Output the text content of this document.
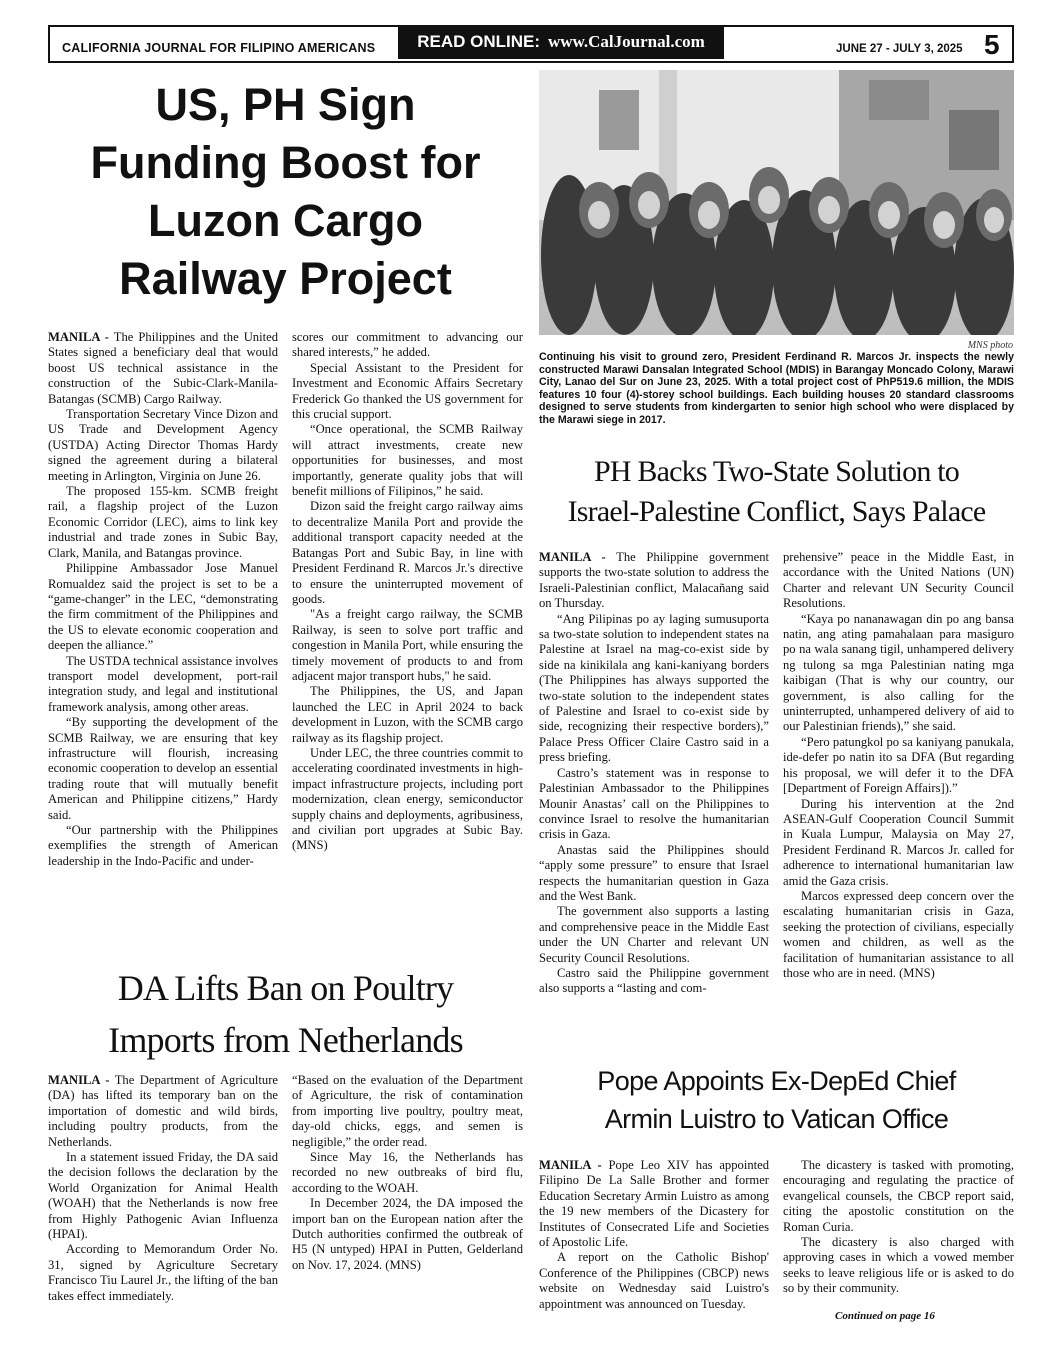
CALIFORNIA JOURNAL FOR FILIPINO AMERICANS READ ONLINE: www.CalJournal.com	JUNE 27 - JULY 3, 2025 5
US, PH Sign
Funding Boost for
Luzon Cargo
Railway Project

MANILA - The Philippines and the United States signed a beneficiary deal that would boost US technical assistance in the construction of the Subic-Clark-Manila-Batangas (SCMB) Cargo Railway.

Transportation Secretary Vince Dizon and US Trade and Development Agency (USTDA) Acting Director Thomas Hardy signed the agreement during a bilateral meeting in Arlington, Virginia on June 26.

The proposed 155-km. SCMB freight rail, a flagship project of the Luzon Economic Corridor (LEC), aims to link key industrial and trade zones in Subic Bay, Clark, Manila, and Batangas province.

Philippine Ambassador Jose Manuel Romualdez said the project is set to be a “game-changer” in the LEC, “demonstrating the firm commitment of the Philippines and the US to elevate economic cooperation and deepen the alliance.”

The USTDA technical assistance involves transport model development, port-rail integration study, and legal and institutional framework analysis, among other areas.

“By supporting the development of the SCMB Railway, we are ensuring that key infrastructure will flourish, increasing economic cooperation to develop an essential trading route that will mutually benefit American and Philippine citizens,” Hardy said.

“Our partnership with the Philippines exemplifies the strength of American leadership in the Indo-Pacific and under-

scores our commitment to advancing our shared interests,” he added.

Special Assistant to the President for Investment and Economic Affairs Secretary Frederick Go thanked the US government for this crucial support.

“Once operational, the SCMB Railway will attract investments, create new opportunities for businesses, and most importantly, generate quality jobs that will benefit millions of Filipinos,” he said.

Dizon said the freight cargo railway aims to decentralize Manila Port and provide the additional transport capacity needed at the Batangas Port and Subic Bay, in line with President Ferdinand R. Marcos Jr.'s directive to ensure the uninterrupted movement of goods.

"As a freight cargo railway, the SCMB Railway, is seen to solve port traffic and congestion in Manila Port, while ensuring the timely movement of products to and from adjacent major transport hubs," he said.

The Philippines, the US, and Japan launched the LEC in April 2024 to back development in Luzon, with the SCMB cargo railway as its flagship project.

Under LEC, the three countries commit to accelerating coordinated investments in high-impact infrastructure projects, including port modernization, clean energy, semiconductor supply chains and deployments, agribusiness, and civilian port upgrades at Subic Bay. (MNS)

MNS photo
Continuing his visit to ground zero, President Ferdinand R. Marcos Jr. inspects the newly constructed Marawi Dansalan Integrated School (MDIS) in Barangay Moncado Colony, Marawi City, Lanao del Sur on June 23, 2025. With a total project cost of PhP519.6 million, the MDIS features 10 four (4)-storey school buildings. Each building houses 20 standard classrooms designed to serve students from kindergarten to senior high school who were displaced by the Marawi siege in 2017.
PH Backs Two-State Solution to
Israel-Palestine Conflict, Says Palace

MANILA - The Philippine government supports the two-state solution to address the Israeli-Palestinian conflict, Malacañang said on Thursday.

“Ang Pilipinas po ay laging sumusuporta sa two-state solution to independent states na Palestine at Israel na mag-co-exist side by side na kinikilala ang kani-kaniyang borders (The Philippines has always supported the two-state solution to the independent states of Palestine and Israel to co-exist side by side, recognizing their respective borders),” Palace Press Officer Claire Castro said in a press briefing.

Castro’s statement was in response to Palestinian Ambassador to the Philippines Mounir Anastas’ call on the Philippines to convince Israel to resolve the humanitarian crisis in Gaza.

Anastas said the Philippines should “apply some pressure” to ensure that Israel respects the humanitarian question in Gaza and the West Bank.

The government also supports a lasting and comprehensive peace in the Middle East under the UN Charter and relevant UN Security Council Resolutions.

Castro said the Philippine government also supports a “lasting and com-

prehensive” peace in the Middle East, in accordance with the United Nations (UN) Charter and relevant UN Security Council Resolutions.

“Kaya po nananawagan din po ang bansa natin, ang ating pamahalaan para masiguro po na wala sanang tigil, unhampered delivery ng tulong sa mga Palestinian nating mga kaibigan (That is why our country, our government, is also calling for the uninterrupted, unhampered delivery of aid to our Palestinian friends),” she said.

“Pero patungkol po sa kaniyang panukala, ide-defer po natin ito sa DFA (But regarding his proposal, we will defer it to the DFA [Department of Foreign Affairs]).”

During his intervention at the 2nd ASEAN-Gulf Cooperation Council Summit in Kuala Lumpur, Malaysia on May 27, President Ferdinand R. Marcos Jr. called for adherence to international humanitarian law amid the Gaza crisis.

Marcos expressed deep concern over the escalating humanitarian crisis in Gaza, seeking the protection of civilians, especially women and children, as well as the facilitation of humanitarian assistance to all those who are in need. (MNS)

DA Lifts Ban on Poultry
Imports from Netherlands

MANILA - The Department of Agriculture (DA) has lifted its temporary ban on the importation of domestic and wild birds, including poultry products, from the Netherlands.

In a statement issued Friday, the DA said the decision follows the declaration by the World Organization for Animal Health (WOAH) that the Netherlands is now free from Highly Pathogenic Avian Influenza (HPAI).

According to Memorandum Order No. 31, signed by Agriculture Secretary Francisco Tiu Laurel Jr., the lifting of the ban takes effect immediately.

“Based on the evaluation of the Department of Agriculture, the risk of contamination from importing live poultry, poultry meat, day-old chicks, eggs, and semen is negligible,” the order read.

Since May 16, the Netherlands has recorded no new outbreaks of bird flu, according to the WOAH.

In December 2024, the DA imposed the import ban on the European nation after the Dutch authorities confirmed the outbreak of H5 (N untyped) HPAI in Putten, Gelderland on Nov. 17, 2024. (MNS)

Pope Appoints Ex-DepEd Chief
Armin Luistro to Vatican Office

MANILA - Pope Leo XIV has appointed Filipino De La Salle Brother and former Education Secretary Armin Luistro as among the 19 new members of the Dicastery for Institutes of Consecrated Life and Societies of Apostolic Life.

A report on the Catholic Bishop' Conference of the Philippines (CBCP) news website on Wednesday said Luistro's appointment was announced on Tuesday.

The dicastery is tasked with promoting, encouraging and regulating the practice of evangelical counsels, the CBCP report said, citing the apostolic constitution on the Roman Curia.

The dicastery is also charged with approving cases in which a vowed member seeks to leave religious life or is asked to do so by their community.

Continued on page 16
